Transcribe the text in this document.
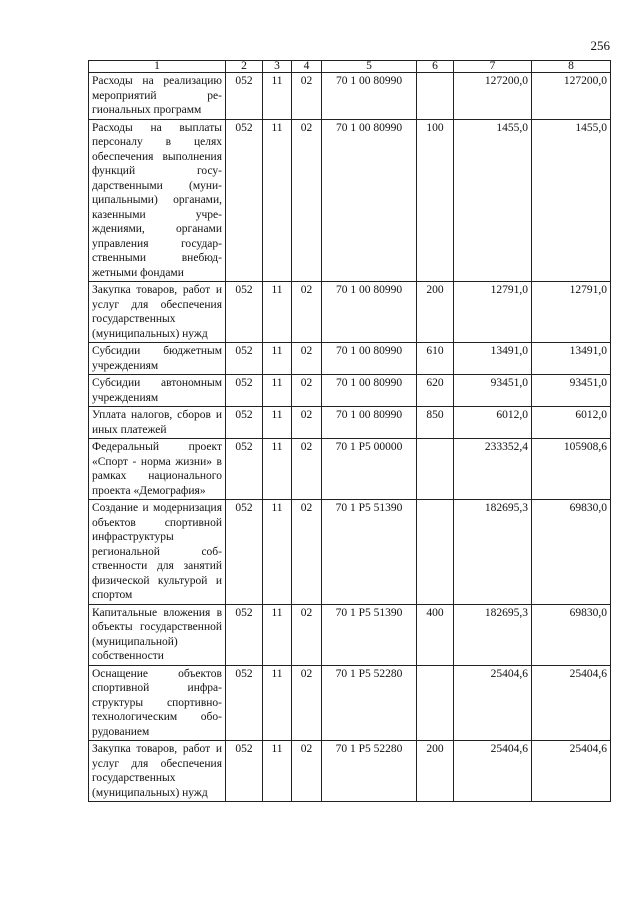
256
1	2	3	4	5	6	7	8
Расходы на реализацию мероприятий региональных программ	052	11	02	70 1 00 80990		127200,0	127200,0
Расходы на выплаты персоналу в целях обеспечения выполнения функций государственными (муниципальными) органами, казенными учреждениями, органами управления государственными внебюджетными фондами	052	11	02	70 1 00 80990	100	1455,0	1455,0
Закупка товаров, работ и услуг для обеспечения государственных (муниципальных) нужд	052	11	02	70 1 00 80990	200	12791,0	12791,0
Субсидии бюджетным учреждениям	052	11	02	70 1 00 80990	610	13491,0	13491,0
Субсидии автономным учреждениям	052	11	02	70 1 00 80990	620	93451,0	93451,0
Уплата налогов, сборов и иных платежей	052	11	02	70 1 00 80990	850	6012,0	6012,0
Федеральный проект «Спорт - норма жизни» в рамках национального проекта «Демография»	052	11	02	70 1 P5 00000		233352,4	105908,6
Создание и модернизация объектов спортивной инфраструктуры региональной собственности для занятий физической культурой и спортом	052	11	02	70 1 P5 51390		182695,3	69830,0
Капитальные вложения в объекты государственной (муниципальной) собственности	052	11	02	70 1 P5 51390	400	182695,3	69830,0
Оснащение объектов спортивной инфраструктуры спортивно-технологическим оборудованием	052	11	02	70 1 P5 52280		25404,6	25404,6
Закупка товаров, работ и услуг для обеспечения государственных (муниципальных) нужд	052	11	02	70 1 P5 52280	200	25404,6	25404,6
